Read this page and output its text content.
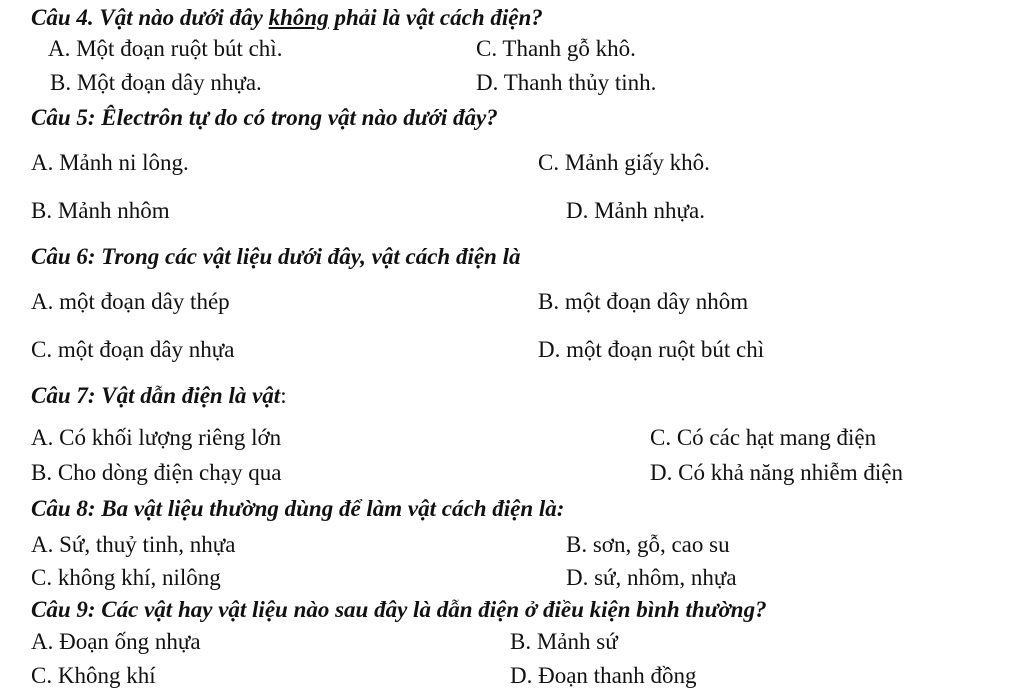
Câu 4. Vật nào dưới đây không phải là vật cách điện?
A. Một đoạn ruột bút chì.	C. Thanh gỗ khô.
B. Một đoạn dây nhựa.	D. Thanh thủy tinh.
Câu 5: Êlectrôn tự do có trong vật nào dưới đây?
A. Mảnh ni lông.	C. Mảnh giấy khô.
B. Mảnh nhôm	D. Mảnh nhựa.
Câu 6: Trong các vật liệu dưới đây, vật cách điện là
A. một đoạn dây thép	B. một đoạn dây nhôm
C. một đoạn dây nhựa	D. một đoạn ruột bút chì
Câu 7: Vật dẫn điện là vật:
A. Có khối lượng riêng lớn	C. Có các hạt mang điện
B. Cho dòng điện chạy qua	D. Có khả năng nhiễm điện
Câu 8: Ba vật liệu thường dùng để làm vật cách điện là:
A. Sứ, thuỷ tinh, nhựa	B. sơn, gỗ, cao su
C. không khí, nilông	D. sứ, nhôm, nhựa
Câu 9: Các vật hay vật liệu nào sau đây là dẫn điện ở điều kiện bình thường?
A. Đoạn ống nhựa	B. Mảnh sứ
C. Không khí	D. Đoạn thanh đồng
